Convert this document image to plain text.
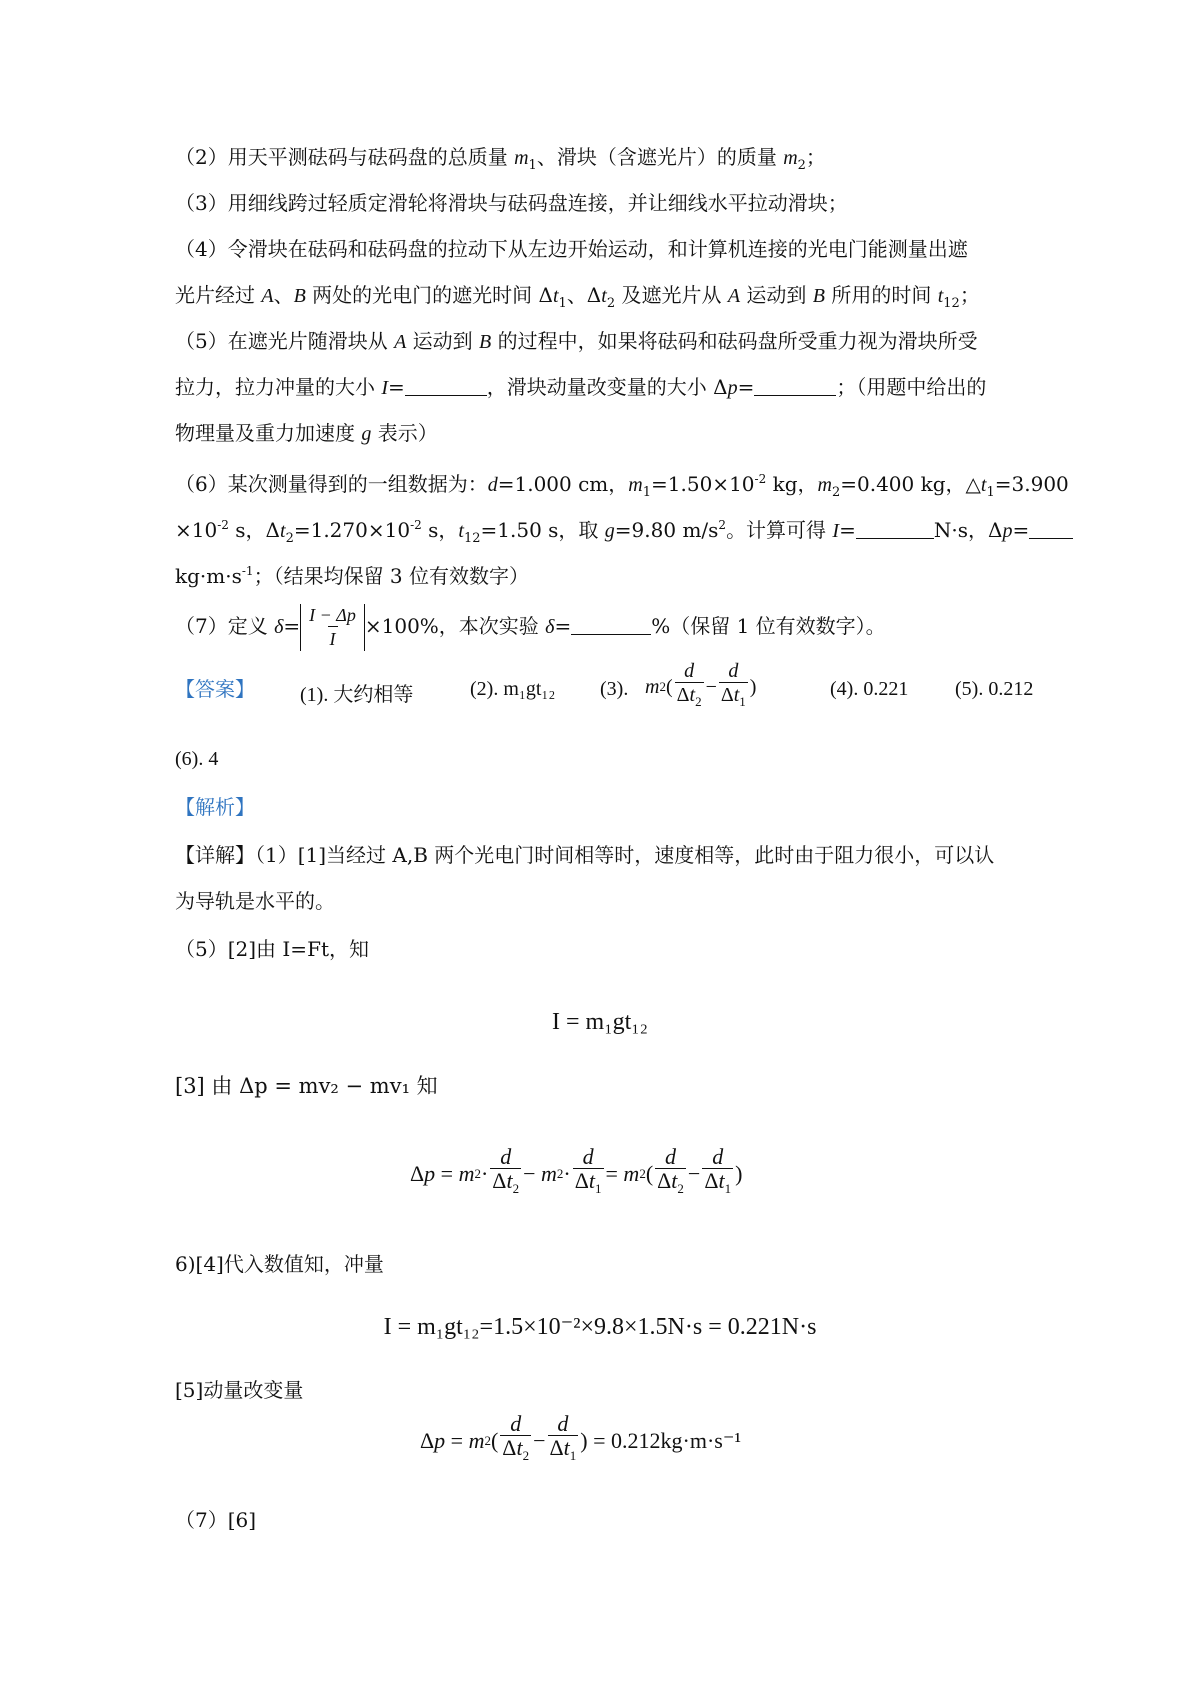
（2）用天平测砝码与砝码盘的总质量 $m_1$、滑块（含遮光片）的质量 $m_2$；
（3）用细线跨过轻质定滑轮将滑块与砝码盘连接，并让细线水平拉动滑块；
（4）令滑块在砝码和砝码盘的拉动下从左边开始运动，和计算机连接的光电门能测量出遮
光片经过 A、B 两处的光电门的遮光时间 $\Delta t_1$、$\Delta t_2$ 及遮光片从 A 运动到 B 所用的时间 $t_{12}$；
（5）在遮光片随滑块从 A 运动到 B 的过程中，如果将砝码和砝码盘所受重力视为滑块所受
拉力，拉力冲量的大小 I=	，滑块动量改变量的大小 Δp=	；（用题中给出的
物理量及重力加速度 g 表示）
（6）某次测量得到的一组数据为：d=1.000 cm，$m_1=1.50\times 10^{-2}$ kg，$m_2=0.400$ kg，$\triangle t_1=3.900$
$\times 10^{-2}$ s，$\Delta t_2=1.270\times 10^{-2}$ s，$t_{12}=1.50$ s，取 g=9.80 $m/s^2$。计算可得 I=	N·s，Δp=
$kg\cdot m\cdot s^{-1}$；（结果均保留 3 位有效数字）
（7）定义 $\delta= \frac{I - \Delta p}{I} \times 100\%$，本次实验 δ=	%（保留 1 位有效数字）。
【答案】 (1). 大约相等	(2). m₁gt₁₂ (3). m 2 ( $\frac{d}{\Delta t_2} - \frac{d}{\Delta t_1}$ )	(4). 0.221 (5). 0.212
(6). 4
【解析】
【详解】（1）[1]当经过 A,B 两个光电门时间相等时，速度相等，此时由于阻力很小，可以认
为导轨是水平的。
（5）[2]由 I=Ft，知
I = m₁gt₁₂
[3] 由 Δp = mv₂ − mv₁ 知
Δp = m $2 \cdot \frac{d}{\Delta t_2} - m$ $2 \cdot \frac{d}{\Delta t_1} = m$ 2 ( $\frac{d}{\Delta t_2} - \frac{d}{\Delta t_1}$ )
6)[4]代入数值知，冲量
I = m₁gt₁₂=1.5×10⁻²×9.8×1.5N·s = 0.221N·s
[5]动量改变量
Δp = m 2 ( $\frac{d}{\Delta t_2} - \frac{d}{\Delta t_1}$ ) = 0.212kg·m·s⁻¹
（7）[6]
